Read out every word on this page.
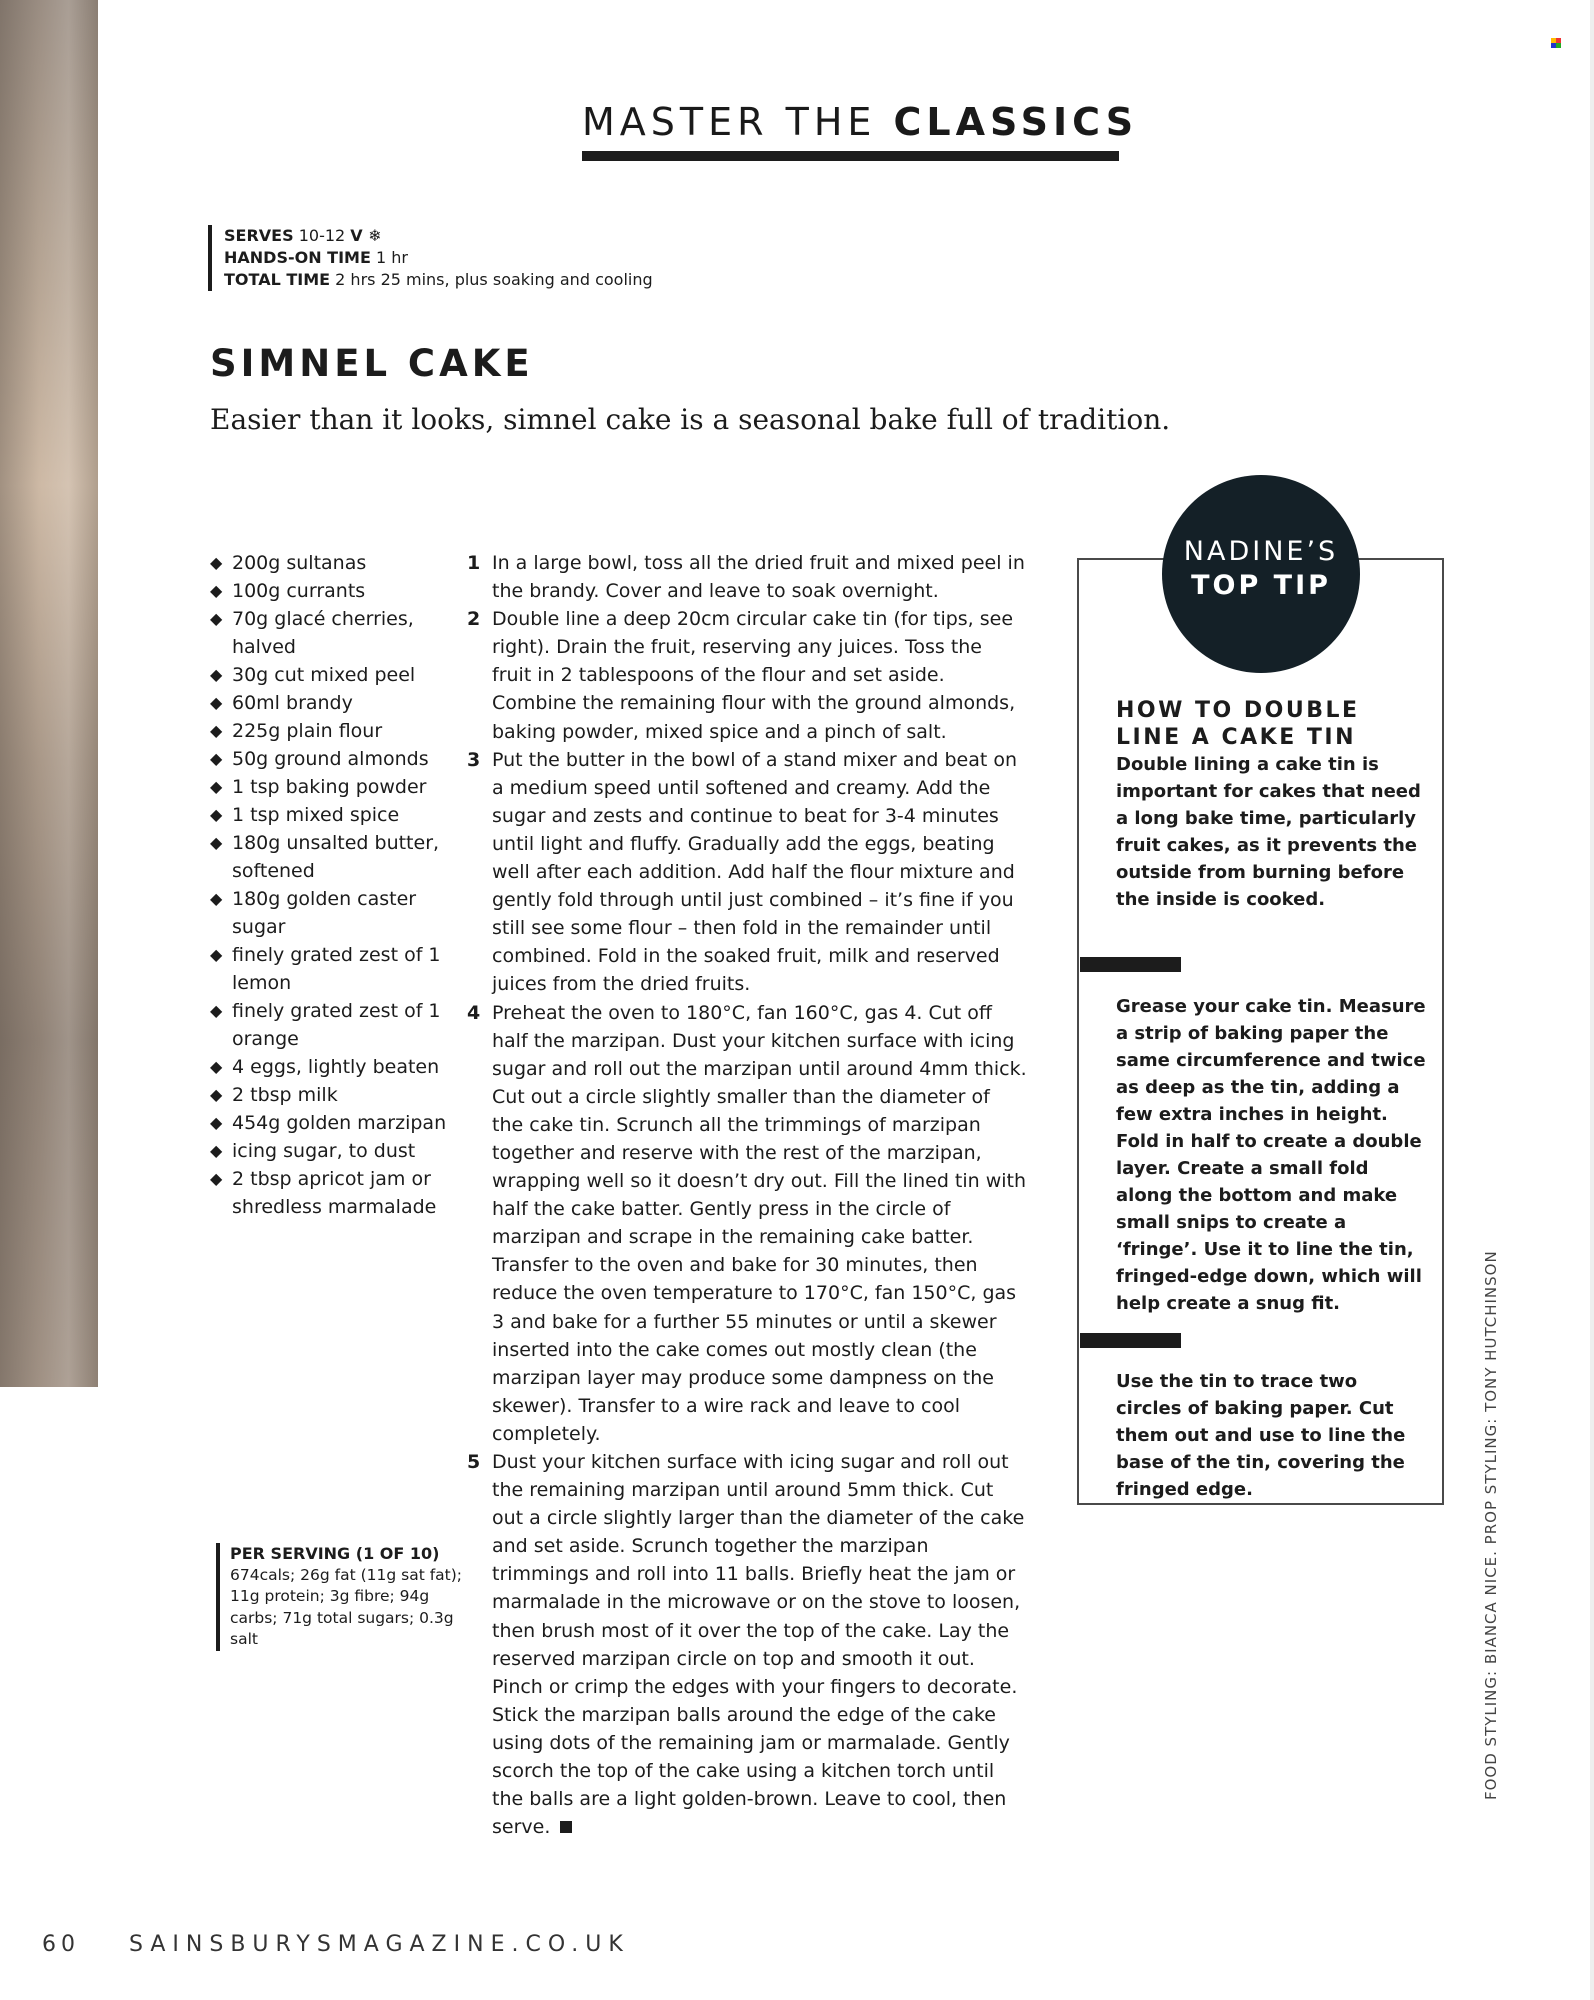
MASTER THE CLASSICS
SERVES 10-12 V ❄
HANDS-ON TIME 1 hr
TOTAL TIME 2 hrs 25 mins, plus soaking and cooling
SIMNEL CAKE
Easier than it looks, simnel cake is a seasonal bake full of tradition.
◆ 200g sultanas
◆ 100g currants
◆ 70g glacé cherries, halved
◆ 30g cut mixed peel
◆ 60ml brandy
◆ 225g plain flour
◆ 50g ground almonds
◆ 1 tsp baking powder
◆ 1 tsp mixed spice
◆ 180g unsalted butter, softened
◆ 180g golden caster sugar
◆ finely grated zest of 1 lemon
◆ finely grated zest of 1 orange
◆ 4 eggs, lightly beaten
◆ 2 tbsp milk
◆ 454g golden marzipan
◆ icing sugar, to dust
◆ 2 tbsp apricot jam or shredless marmalade
PER SERVING (1 OF 10)
674cals; 26g fat (11g sat fat); 11g protein; 3g fibre; 94g carbs; 71g total sugars; 0.3g salt
1 In a large bowl, toss all the dried fruit and mixed peel in the brandy. Cover and leave to soak overnight.
2 Double line a deep 20cm circular cake tin (for tips, see right). Drain the fruit, reserving any juices. Toss the fruit in 2 tablespoons of the flour and set aside. Combine the remaining flour with the ground almonds, baking powder, mixed spice and a pinch of salt.
3 Put the butter in the bowl of a stand mixer and beat on a medium speed until softened and creamy. Add the sugar and zests and continue to beat for 3-4 minutes until light and fluffy. Gradually add the eggs, beating well after each addition. Add half the flour mixture and gently fold through until just combined – it’s fine if you still see some flour – then fold in the remainder until combined. Fold in the soaked fruit, milk and reserved juices from the dried fruits.
4 Preheat the oven to 180°C, fan 160°C, gas 4. Cut off half the marzipan. Dust your kitchen surface with icing sugar and roll out the marzipan until around 4mm thick. Cut out a circle slightly smaller than the diameter of the cake tin. Scrunch all the trimmings of marzipan together and reserve with the rest of the marzipan, wrapping well so it doesn’t dry out. Fill the lined tin with half the cake batter. Gently press in the circle of marzipan and scrape in the remaining cake batter. Transfer to the oven and bake for 30 minutes, then reduce the oven temperature to 170°C, fan 150°C, gas 3 and bake for a further 55 minutes or until a skewer inserted into the cake comes out mostly clean (the marzipan layer may produce some dampness on the skewer). Transfer to a wire rack and leave to cool completely.
5 Dust your kitchen surface with icing sugar and roll out the remaining marzipan until around 5mm thick. Cut out a circle slightly larger than the diameter of the cake and set aside. Scrunch together the marzipan trimmings and roll into 11 balls. Briefly heat the jam or marmalade in the microwave or on the stove to loosen, then brush most of it over the top of the cake. Lay the reserved marzipan circle on top and smooth it out. Pinch or crimp the edges with your fingers to decorate. Stick the marzipan balls around the edge of the cake using dots of the remaining jam or marmalade. Gently scorch the top of the cake using a kitchen torch until the balls are a light golden-brown. Leave to cool, then serve.
NADINE’S
TOP TIP
HOW TO DOUBLE LINE A CAKE TIN
Double lining a cake tin is important for cakes that need a long bake time, particularly fruit cakes, as it prevents the outside from burning before the inside is cooked.
Grease your cake tin. Measure a strip of baking paper the same circumference and twice as deep as the tin, adding a few extra inches in height. Fold in half to create a double layer. Create a small fold along the bottom and make small snips to create a ‘fringe’. Use it to line the tin, fringed-edge down, which will help create a snug fit.
Use the tin to trace two circles of baking paper. Cut them out and use to line the base of the tin, covering the fringed edge.	FOOD STYLING: BIANCA NICE. PROP STYLING: TONY HUTCHINSON
60 SAINSBURYSMAGAZINE.CO.UK
